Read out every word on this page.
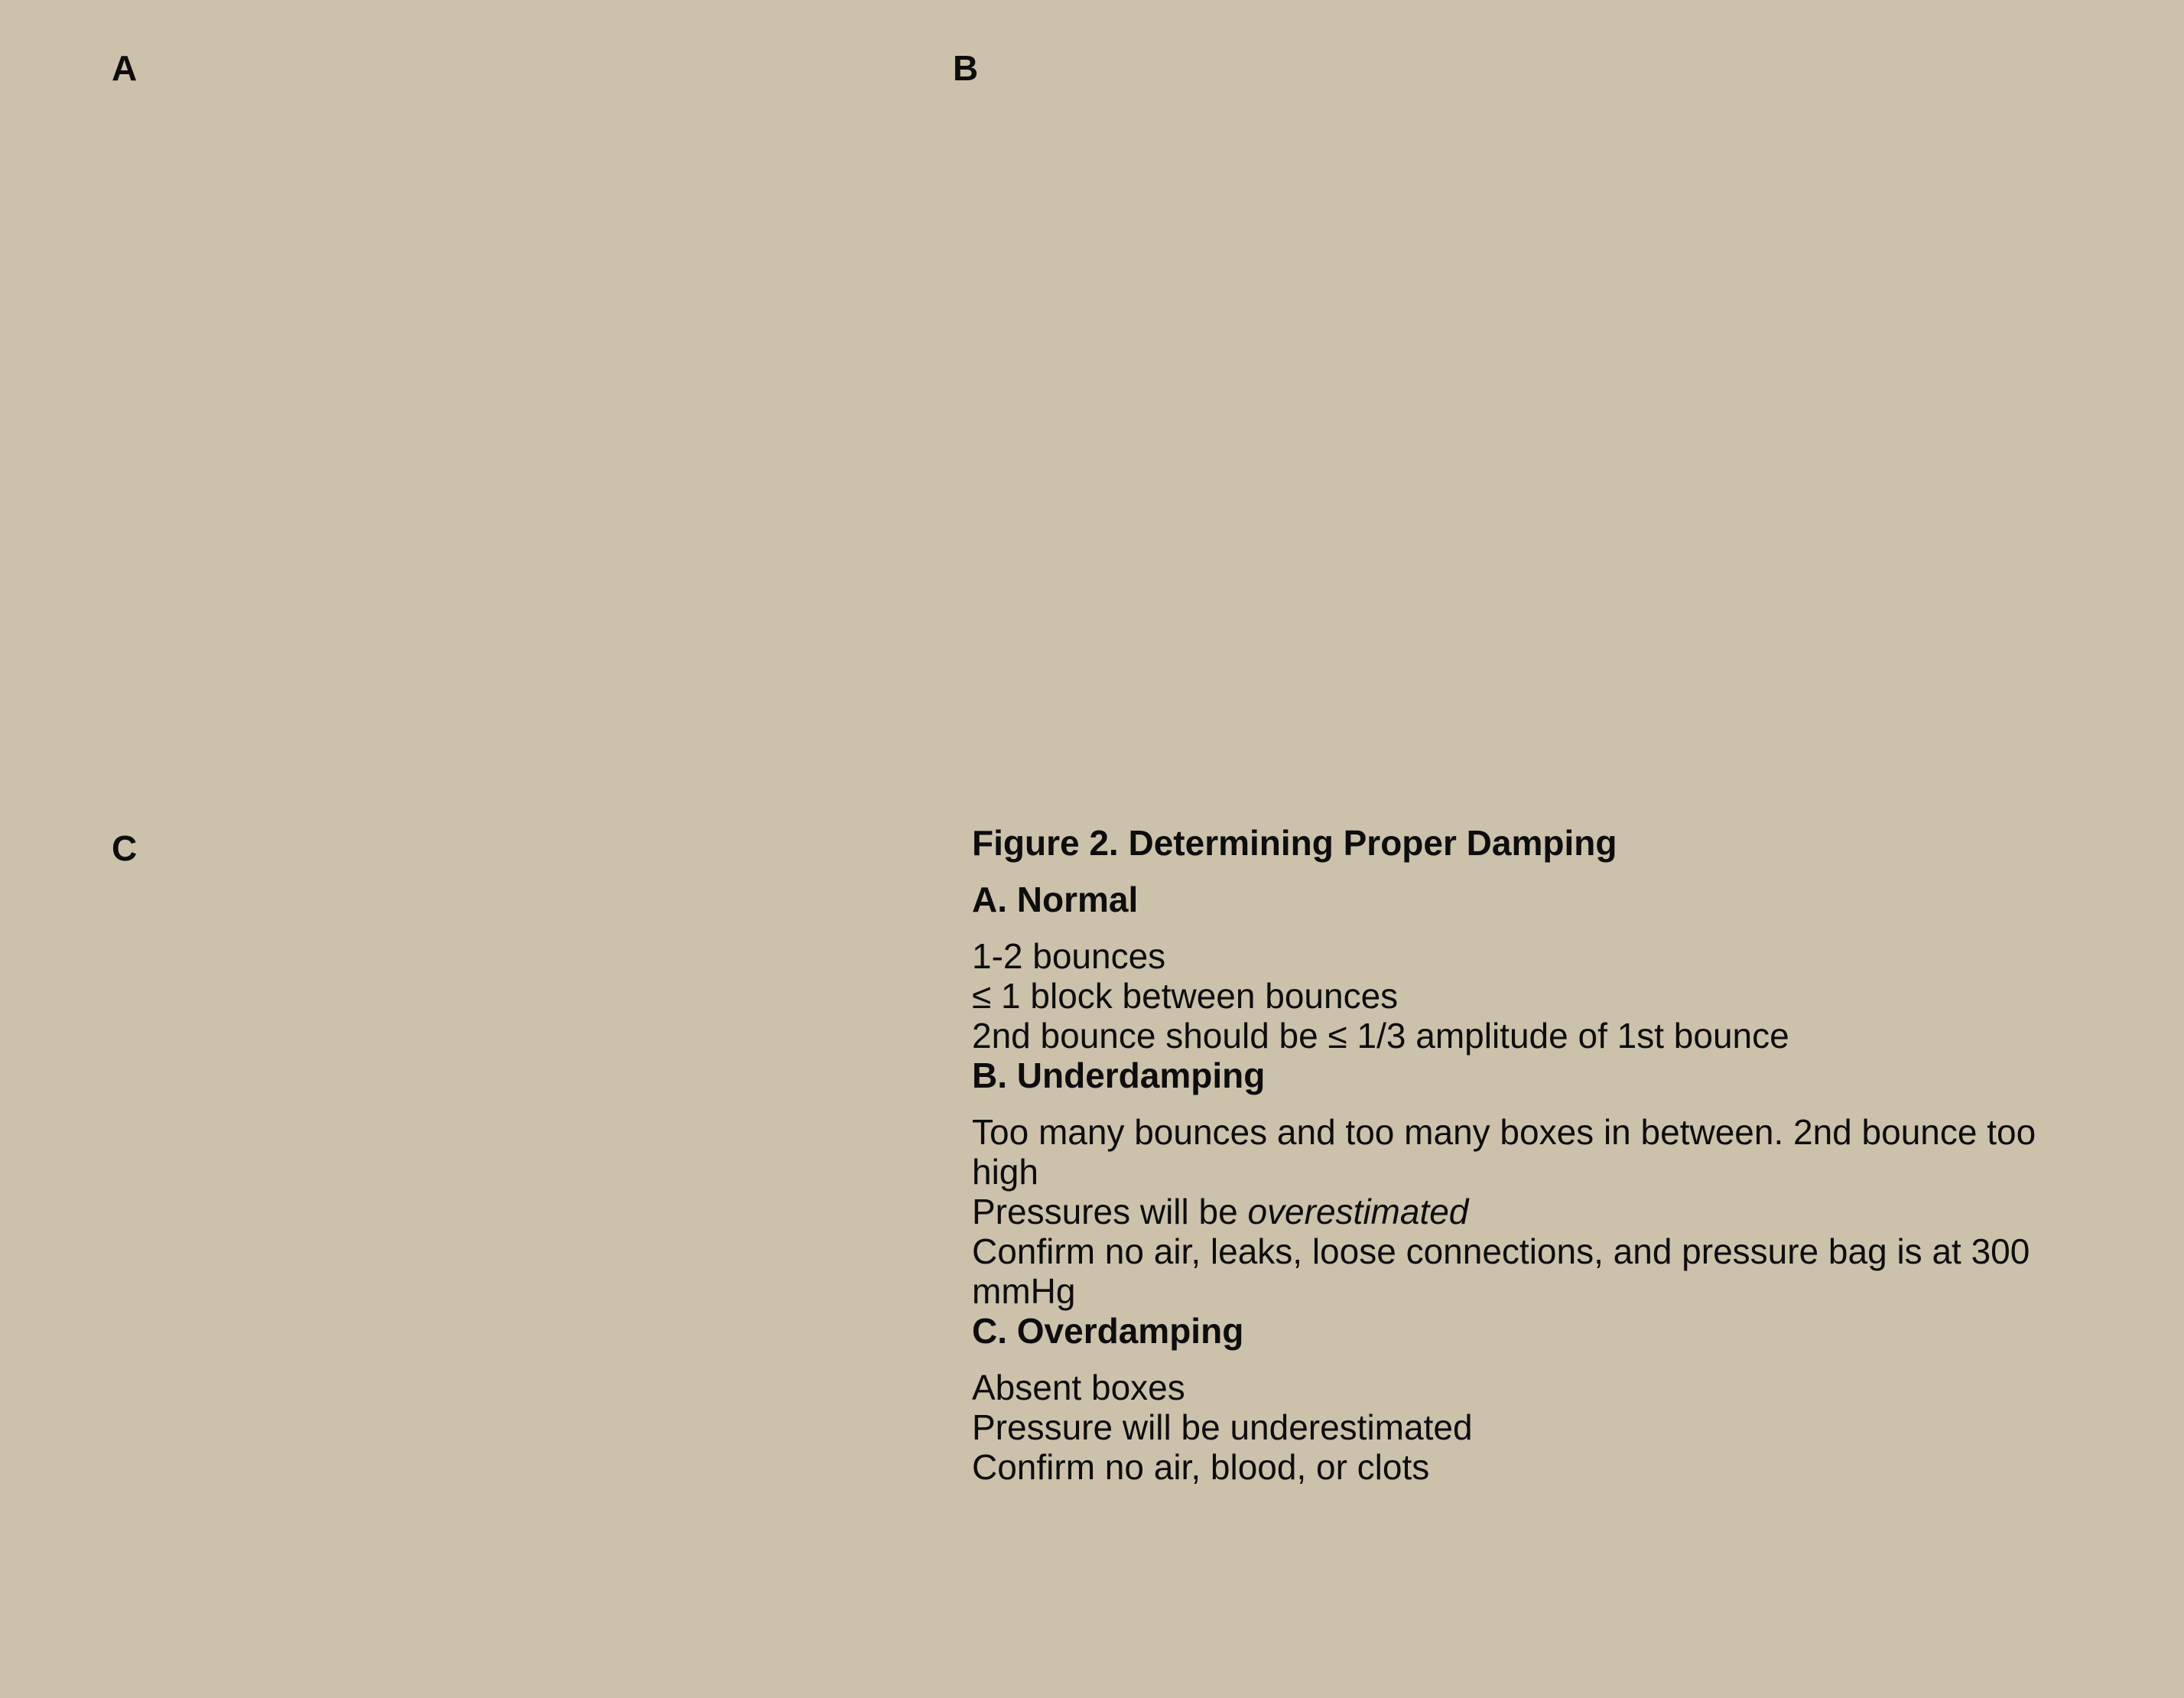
A	B
C	Figure 2. Determining Proper Damping

A. Normal

1-2 bounces
≤ 1 block between bounces
2nd bounce should be ≤ 1/3 amplitude of 1st bounce

B. Underdamping

Too many bounces and too many boxes in between. 2nd bounce too high
Pressures will be overestimated
Confirm no air, leaks, loose connections, and pressure bag is at 300 mmHg

C. Overdamping

Absent boxes
Pressure will be underestimated
Confirm no air, blood, or clots
